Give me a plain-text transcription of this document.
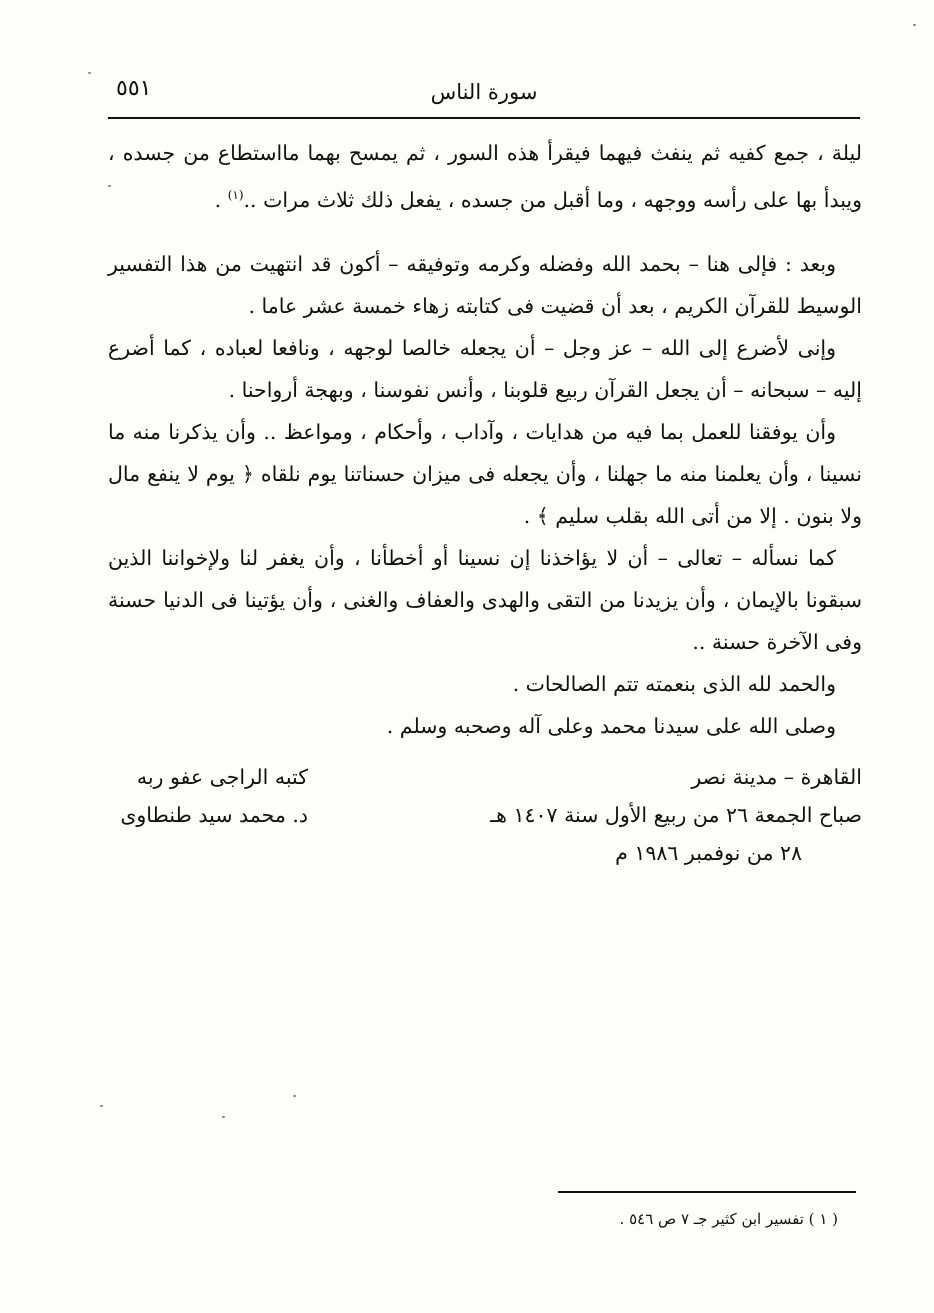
٥٥١	سورة الناس

ليلة ، جمع كفيه ثم ينفث فيهما فيقرأ هذه السور ، ثم يمسح بهما مااستطاع من جسده ، ويبدأ بها على رأسه ووجهه ، وما أقبل من جسده ، يفعل ذلك ثلاث مرات ..$^{(١)}$ .

وبعد : فإلى هنا – بحمد الله وفضله وكرمه وتوفيقه – أكون قد انتهيت من هذا التفسير الوسيط للقرآن الكريم ، بعد أن قضيت فى كتابته زهاء خمسة عشر عاما .

وإنى لأضرع إلى الله – عز وجل – أن يجعله خالصا لوجهه ، ونافعا لعباده ، كما أضرع إليه – سبحانه – أن يجعل القرآن ربيع قلوبنا ، وأنس نفوسنا ، وبهجة أرواحنا .

وأن يوفقنا للعمل بما فيه من هدايات ، وآداب ، وأحكام ، ومواعظ .. وأن يذكرنا منه ما نسينا ، وأن يعلمنا منه ما جهلنا ، وأن يجعله فى ميزان حسناتنا يوم نلقاه ﴿ يوم لا ينفع مال ولا بنون . إلا من أتى الله بقلب سليم ﴾ .

كما نسأله – تعالى – أن لا يؤاخذنا إن نسينا أو أخطأنا ، وأن يغفر لنا ولإخواننا الذين سبقونا بالإيمان ، وأن يزيدنا من التقى والهدى والعفاف والغنى ، وأن يؤتينا فى الدنيا حسنة وفى الآخرة حسنة ..

والحمد لله الذى بنعمته تتم الصالحات .

وصلى الله على سيدنا محمد وعلى آله وصحبه وسلم .

القاهرة – مدينة نصر
صباح الجمعة ٢٦ من ربيع الأول سنة ١٤٠٧ هـ
٢٨ من نوفمبر ١٩٨٦ م
كتبه الراجى عفو ربه
د. محمد سيد طنطاوى
( ١ ) تفسير ابن كثير جـ ٧ ص ٥٤٦ .
